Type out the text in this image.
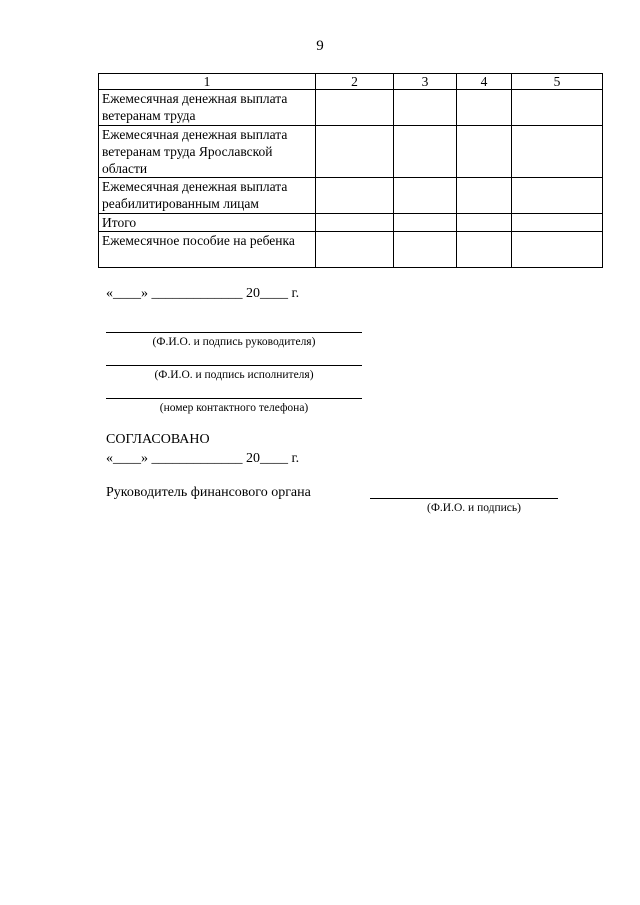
9
1	2	3	4	5
Ежемесячная денежная выплата ветеранам труда				
Ежемесячная денежная выплата ветеранам труда Ярославской области				
Ежемесячная денежная выплата реабилитированным лицам				
Итого				
Ежемесячное пособие на ребенка				
«____» _____________ 20____ г.
(Ф.И.О. и подпись руководителя)
(Ф.И.О. и подпись исполнителя)
(номер контактного телефона)
СОГЛАСОВАНО
«____» _____________ 20____ г.
Руководитель финансового органа
(Ф.И.О. и подпись)
